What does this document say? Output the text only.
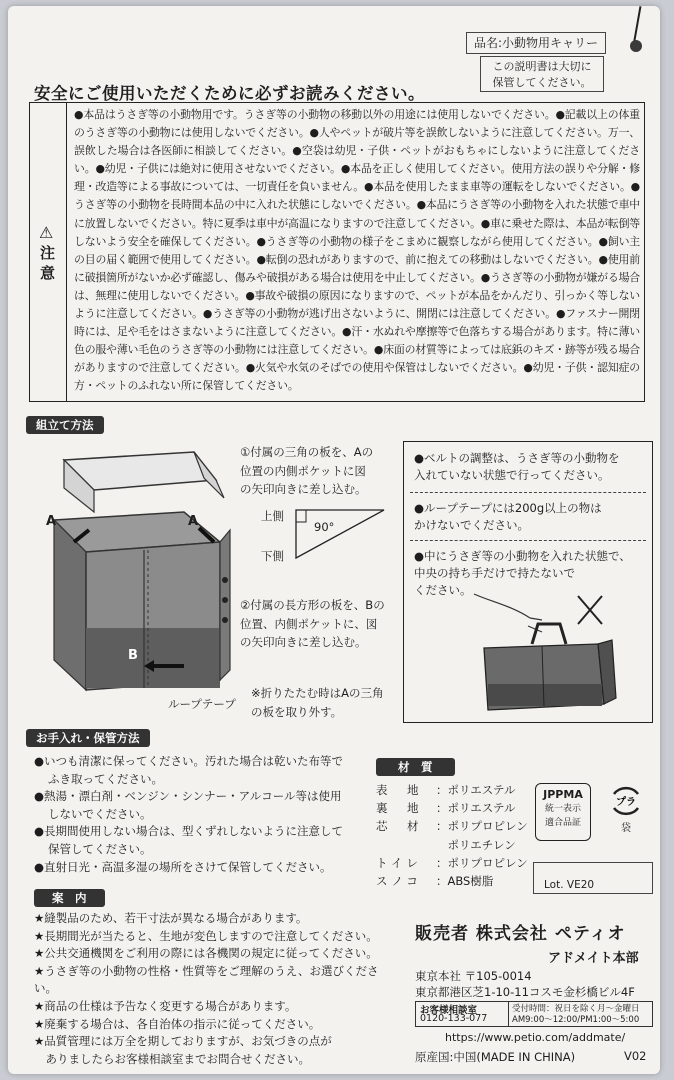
品名:小動物用キャリー
この説明書は大切に
保管してください。
安全にご使用いただくために必ずお読みください。
⚠
注意
●本品はうさぎ等の小動物用です。うさぎ等の小動物の移動以外の用途には使用しないでください。●記載以上の体重のうさぎ等の小動物には使用しないでください。●人やペットが破片等を誤飲しないように注意してください。万一、誤飲した場合は各医師に相談してください。●空袋は幼児・子供・ペットがおもちゃにしないように注意してください。●幼児・子供には絶対に使用させないでください。●本品を正しく使用してください。使用方法の誤りや分解・修理・改造等による事故については、一切責任を負いません。●本品を使用したまま車等の運転をしないでください。●うさぎ等の小動物を長時間本品の中に入れた状態にしないでください。●本品にうさぎ等の小動物を入れた状態で車中に放置しないでください。特に夏季は車中が高温になりますので注意してください。●車に乗せた際は、本品が転倒等しないよう安全を確保してください。●うさぎ等の小動物の様子をこまめに観察しながら使用してください。●飼い主の目の届く範囲で使用してください。●転倒の恐れがありますので、前に抱えての移動はしないでください。●使用前に破損箇所がないか必ず確認し、傷みや破損がある場合は使用を中止してください。●うさぎ等の小動物が嫌がる場合は、無理に使用しないでください。●事故や破損の原因になりますので、ペットが本品をかんだり、引っかく等しないように注意してください。●うさぎ等の小動物が逃げ出さないように、開閉には注意してください。●ファスナー開閉時には、足や毛をはさまないように注意してください。●汗・水ぬれや摩擦等で色落ちする場合があります。特に薄い色の服や薄い毛色のうさぎ等の小動物には注意してください。●床面の材質等によっては底鋲のキズ・跡等が残る場合がありますので注意してください。●火気や水気のそばでの使用や保管はしないでください。●幼児・子供・認知症の方・ペットのふれない所に保管してください。
組立て方法
A	A
B
ループテープ
①付属の三角の板を、Aの
位置の内側ポケットに図
の矢印向きに差し込む。
上側
下側
90°
②付属の長方形の板を、Bの
位置、内側ポケットに、図
の矢印向きに差し込む。
※折りたたむ時はAの三角
の板を取り外す。
●ベルトの調整は、うさぎ等の小動物を
入れていない状態で行ってください。
●ループテープには200g以上の物は
かけないでください。
●中にうさぎ等の小動物を入れた状態で、
中央の持ち手だけで持たないで
ください。
お手入れ・保管方法
●いつも清潔に保ってください。汚れた場合は乾いた布等で
ふき取ってください。
●熱湯・漂白剤・ベンジン・シンナー・アルコール等は使用
しないでください。
●長期間使用しない場合は、型くずれしないように注意して
保管してください。
●直射日光・高温多湿の場所をさけて保管してください。
案　内
★縫製品のため、若干寸法が異なる場合があります。
★長期間光が当たると、生地が変色しますので注意してください。
★公共交通機関をご利用の際には各機関の規定に従ってください。
★うさぎ等の小動物の性格・性質等をご理解のうえ、お選びください。
★商品の仕様は予告なく変更する場合があります。
★廃棄する場合は、各自治体の指示に従ってください。
★品質管理には万全を期しておりますが、お気づきの点が
　ありましたらお客様相談室までお問合せください。
材　質
表　地	：ポリエステル
裏　地	：ポリエステル
芯　材	：ポリプロピレン
　ポリエチレン
トイレ	：ポリプロピレン
スノコ	：ABS樹脂
JPPMA
統一表示
適合品証
プラ
袋
Lot. VE20
販売者 株式会社 ペティオ
アドメイト本部
東京本社 〒105-0014
東京都港区芝1-10-11コスモ金杉橋ビル4F
お客様相談室
0120-133-077
受付時間：祝日を除く月〜金曜日
AM9:00〜12:00/PM1:00〜5:00
https://www.petio.com/addmate/
原産国:中国(MADE IN CHINA)	V02
